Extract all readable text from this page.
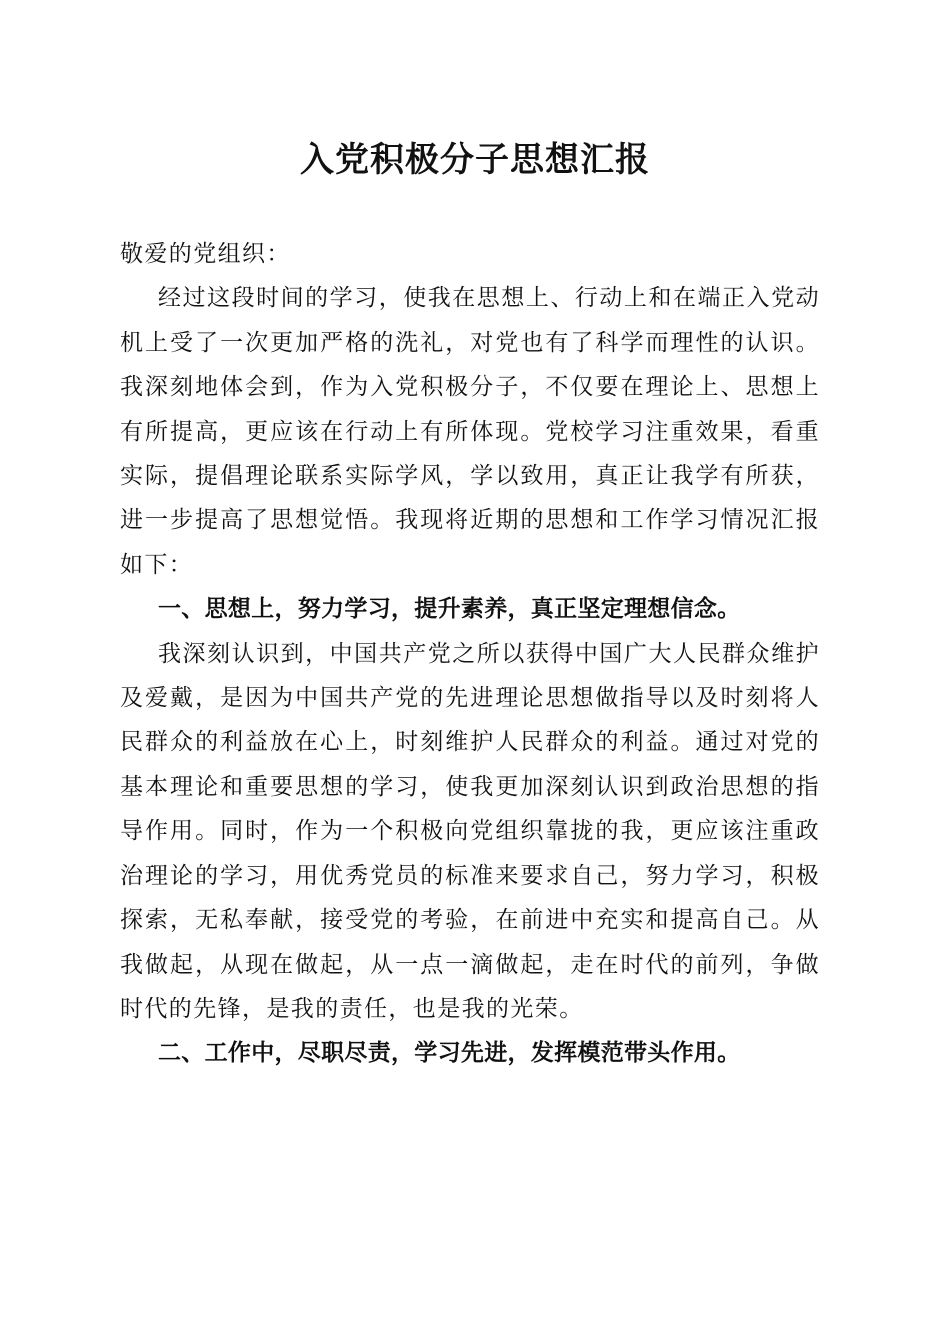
入党积极分子思想汇报

敬爱的党组织：

经过这段时间的学习，使我在思想上、行动上和在端正入党动机上受了一次更加严格的洗礼，对党也有了科学而理性的认识。我深刻地体会到，作为入党积极分子，不仅要在理论上、思想上有所提高，更应该在行动上有所体现。党校学习注重效果，看重实际，提倡理论联系实际学风，学以致用，真正让我学有所获，进一步提高了思想觉悟。我现将近期的思想和工作学习情况汇报如下：

一、思想上，努力学习，提升素养，真正坚定理想信念。

我深刻认识到，中国共产党之所以获得中国广大人民群众维护及爱戴，是因为中国共产党的先进理论思想做指导以及时刻将人民群众的利益放在心上，时刻维护人民群众的利益。通过对党的基本理论和重要思想的学习，使我更加深刻认识到政治思想的指导作用。同时，作为一个积极向党组织靠拢的我，更应该注重政治理论的学习，用优秀党员的标准来要求自己，努力学习，积极探索，无私奉献，接受党的考验，在前进中充实和提高自己。从我做起，从现在做起，从一点一滴做起，走在时代的前列，争做时代的先锋，是我的责任，也是我的光荣。

二、工作中，尽职尽责，学习先进，发挥模范带头作用。
